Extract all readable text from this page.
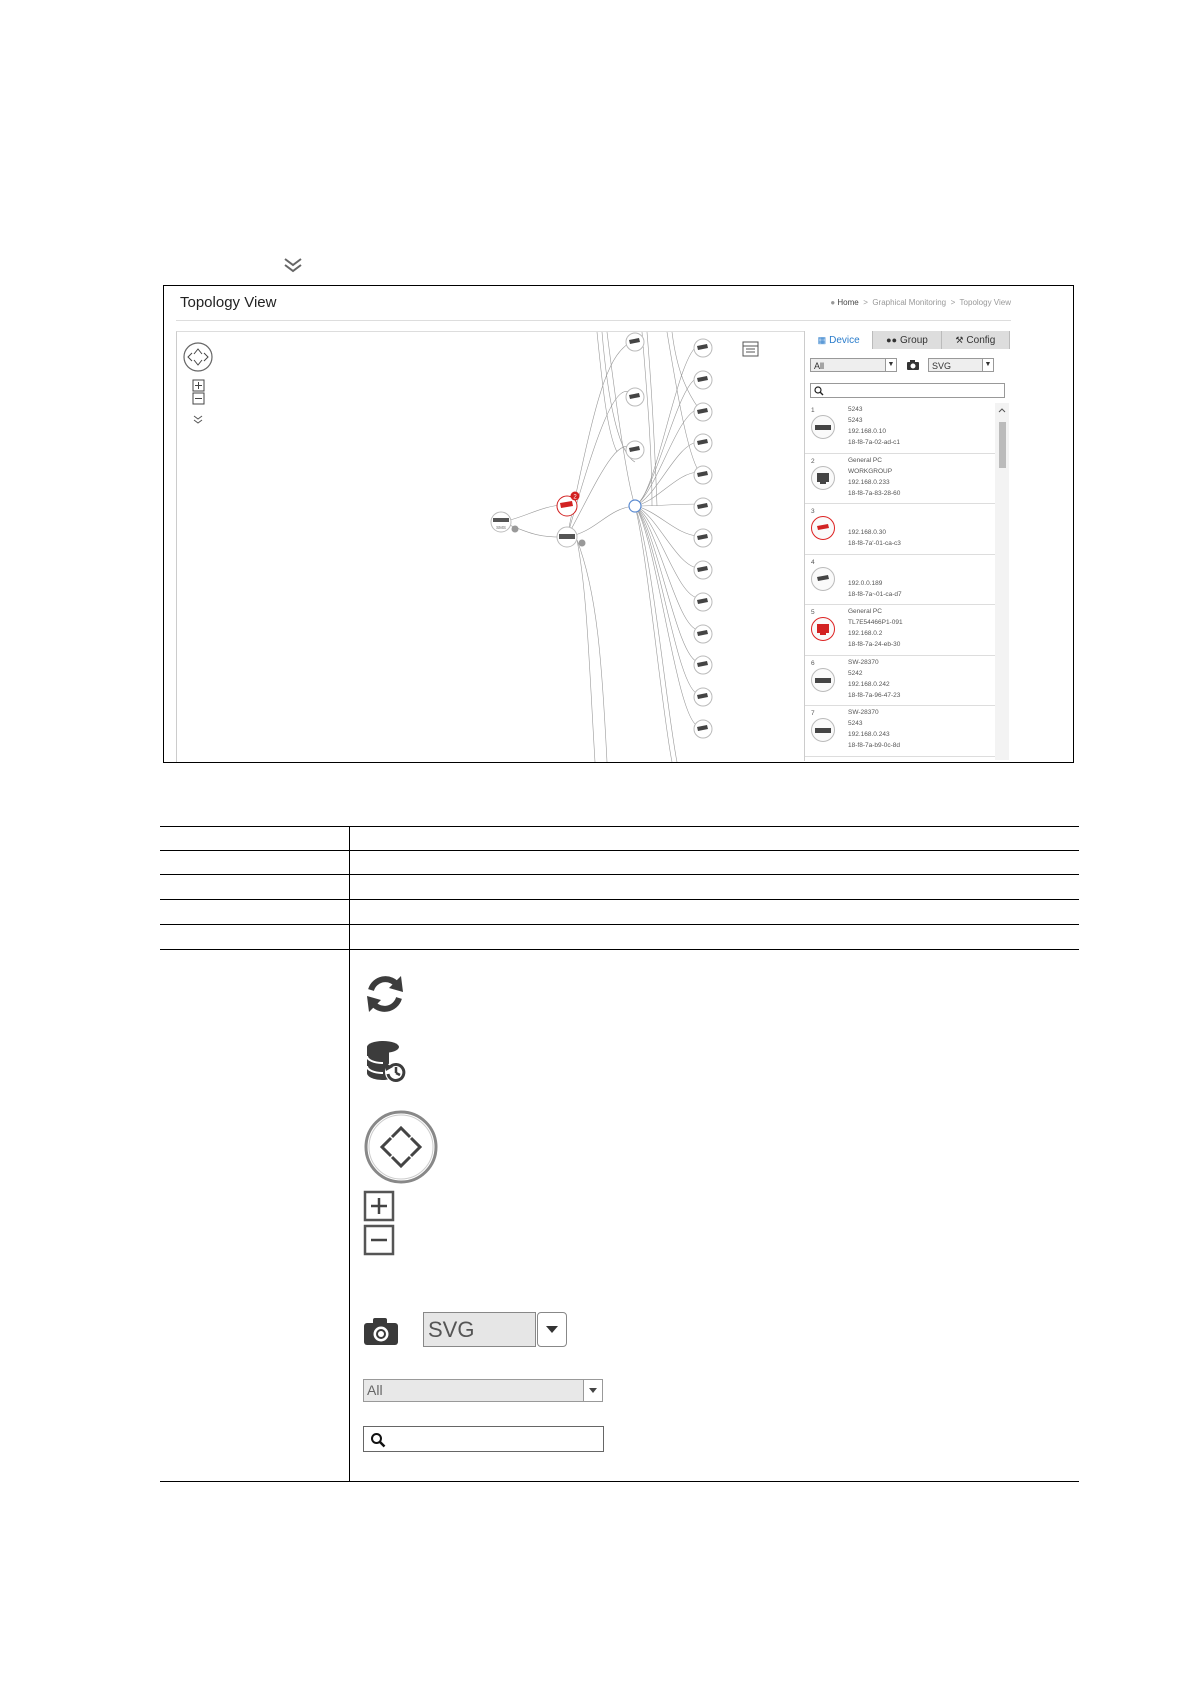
Topology View	● Home  >  Graphical Monitoring  >  Topology View
SMS
2
▦ Device	●● Group	⚒ Config
All	▼	SVG	▼
1	5243
5243
192.168.0.10
18-f8-7a-02-ad-c1
2	General PC
WORKGROUP
192.168.0.233
18-f8-7a-83-28-60
3

192.168.0.30
18-f8-7a'-01-ca-c3
4

192.0.0.189
18-f8-7a~01-ca-d7
5	General PC
TL7E54466P1-091
192.168.0.2
18-f8-7a-24-eb-30
6	SW-28370
5242
192.168.0.242
18-f8-7a-96-47-23
7	SW-28370
5243
192.168.0.243
18-f8-7a-b9-0c-8d
SVG
All
